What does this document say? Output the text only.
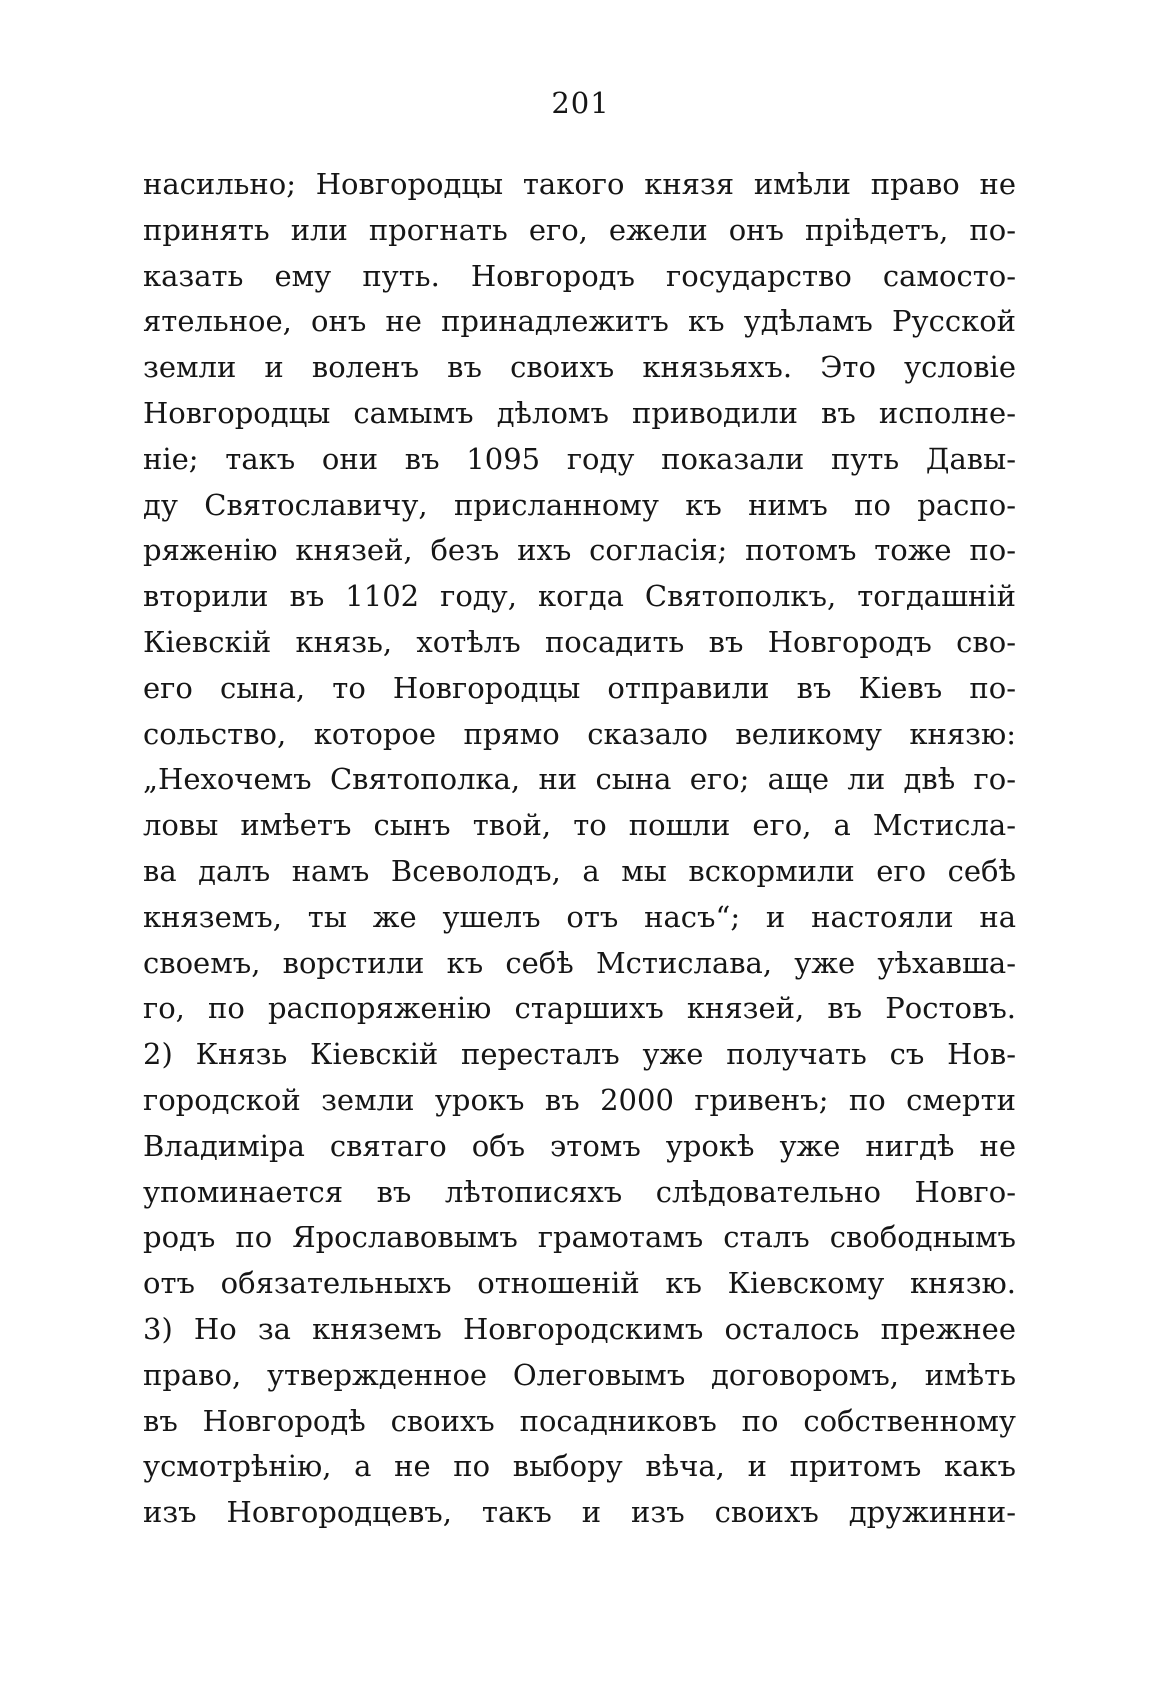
201
насильно; Новгородцы такого князя имѣли право не
принять или прогнать его, ежели онъ прiѣдетъ, по-
казать ему путь. Новгородъ государство самосто-
ятельное, онъ не принадлежитъ къ удѣламъ Русской
земли и воленъ въ своихъ князьяхъ. Это условiе
Новгородцы самымъ дѣломъ приводили въ исполне-
нiе; такъ они въ 1095 году показали путь Давы-
ду Святославичу, присланному къ нимъ по распо-
ряженiю князей, безъ ихъ согласiя; потомъ тоже по-
вторили въ 1102 году, когда Святополкъ, тогдашнiй
Кiевскiй князь, хотѣлъ посадить въ Новгородъ сво-
его сына, то Новгородцы отправили въ Кiевъ по-
сольство, которое прямо сказало великому князю:
„Нехочемъ Святополка, ни сына его; аще ли двѣ го-
ловы имѣетъ сынъ твой, то пошли его, а Мстисла-
ва далъ намъ Всеволодъ, а мы вскормили его себѣ
княземъ, ты же ушелъ отъ насъ“; и настояли на
своемъ, ворстили къ себѣ Мстислава, уже уѣхавша-
го, по распоряженiю старшихъ князей, въ Ростовъ.
2) Князь Кiевскiй пересталъ уже получать съ Нов-
городской земли урокъ въ 2000 гривенъ; по смерти
Владимiра святаго объ этомъ урокѣ уже нигдѣ не
упоминается въ лѣтописяхъ слѣдовательно Новго-
родъ по Ярославовымъ грамотамъ сталъ свободнымъ
отъ обязательныхъ отношенiй къ Кiевскому князю.
3) Но за княземъ Новгородскимъ осталось прежнее
право, утвержденное Олеговымъ договоромъ, имѣть
въ Новгородѣ своихъ посадниковъ по собственному
усмотрѣнiю, а не по выбору вѣча, и притомъ какъ
изъ Новгородцевъ, такъ и изъ своихъ дружинни-
